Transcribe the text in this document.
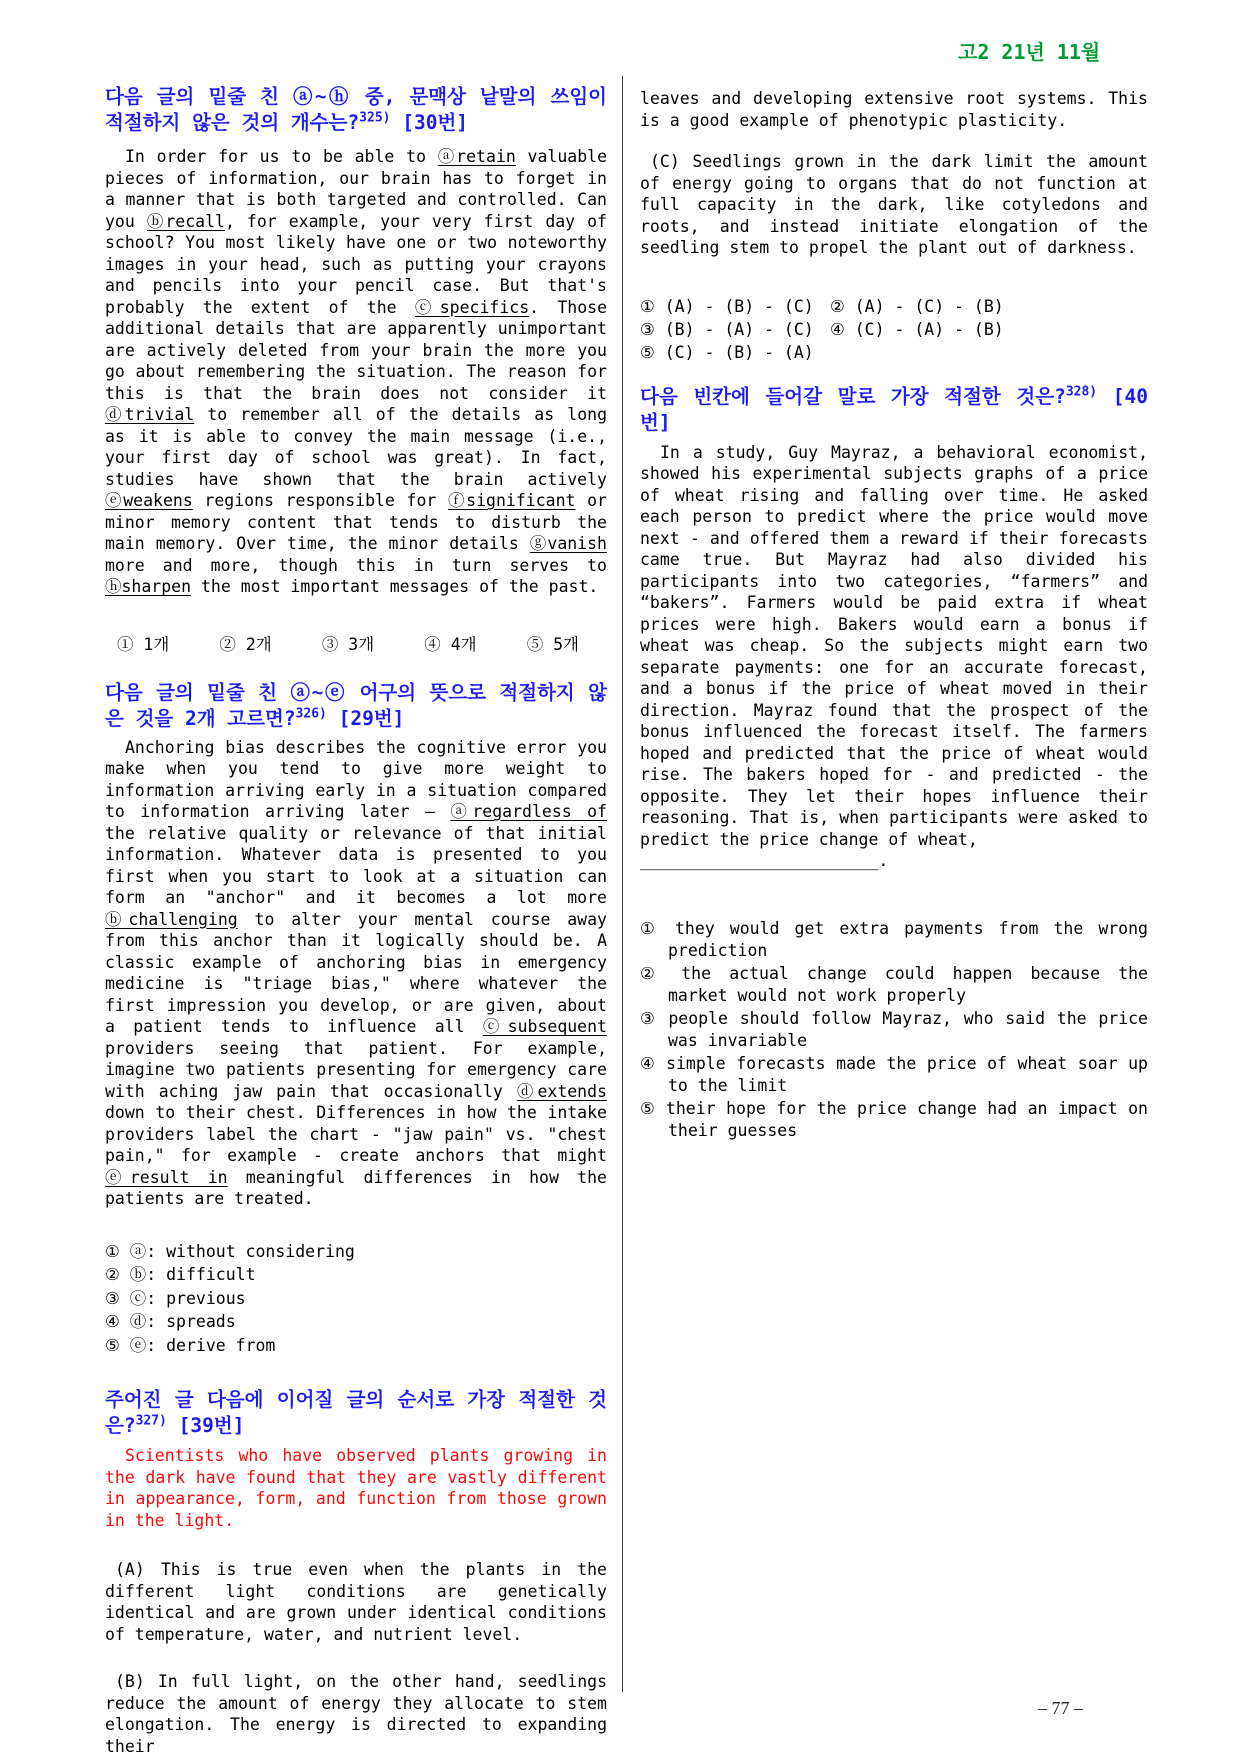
고2 21년 11월
다음 글의 밑줄 친 ⓐ~ⓗ 중, 문맥상 낱말의 쓰임이 적절하지 않은 것의 개수는?$^{325)}$ [30번]

In order for us to be able to ⓐretain valuable pieces of information, our brain has to forget in a manner that is both targeted and controlled. Can you ⓑrecall, for example, your very first day of school? You most likely have one or two noteworthy images in your head, such as putting your crayons and pencils into your pencil case. But that's probably the extent of the ⓒspecifics. Those additional details that are apparently unimportant are actively deleted from your brain the more you go about remembering the situation. The reason for this is that the brain does not consider it ⓓtrivial to remember all of the details as long as it is able to convey the main message (i.e., your first day of school was great). In fact, studies have shown that the brain actively ⓔweakens regions responsible for ⓕsignificant or minor memory content that tends to disturb the main memory. Over time, the minor details ⓖvanish more and more, though this in turn serves to ⓗsharpen the most important messages of the past.

① 1개	② 2개	③ 3개	④ 4개	⑤ 5개
다음 글의 밑줄 친 ⓐ~ⓔ 어구의 뜻으로 적절하지 않은 것을 2개 고르면?$^{326)}$ [29번]

Anchoring bias describes the cognitive error you make when you tend to give more weight to information arriving early in a situation compared to information arriving later — ⓐregardless of the relative quality or relevance of that initial information. Whatever data is presented to you first when you start to look at a situation can form an "anchor" and it becomes a lot more ⓑchallenging to alter your mental course away from this anchor than it logically should be. A classic example of anchoring bias in emergency medicine is "triage bias," where whatever the first impression you develop, or are given, about a patient tends to influence all ⓒsubsequent providers seeing that patient. For example, imagine two patients presenting for emergency care with aching jaw pain that occasionally ⓓextends down to their chest. Differences in how the intake providers label the chart - "jaw pain" vs. "chest pain," for example - create anchors that might ⓔresult in meaningful differences in how the patients are treated.

① ⓐ: without considering
② ⓑ: difficult
③ ⓒ: previous
④ ⓓ: spreads
⑤ ⓔ: derive from
주어진 글 다음에 이어질 글의 순서로 가장 적절한 것은?$^{327)}$ [39번]

Scientists who have observed plants growing in the dark have found that they are vastly different in appearance, form, and function from those grown in the light.

(A) This is true even when the plants in the different light conditions are genetically identical and are grown under identical conditions of temperature, water, and nutrient level.

(B) In full light, on the other hand, seedlings reduce the amount of energy they allocate to stem elongation. The energy is directed to expanding their

leaves and developing extensive root systems. This is a good example of phenotypic plasticity.

(C) Seedlings grown in the dark limit the amount of energy going to organs that do not function at full capacity in the dark, like cotyledons and roots, and instead initiate elongation of the seedling stem to propel the plant out of darkness.

① (A) - (B) - (C) ② (A) - (C) - (B)
③ (B) - (A) - (C) ④ (C) - (A) - (B)
⑤ (C) - (B) - (A)
다음 빈칸에 들어갈 말로 가장 적절한 것은?$^{328)}$ [40번]

In a study, Guy Mayraz, a behavioral economist, showed his experimental subjects graphs of a price of wheat rising and falling over time. He asked each person to predict where the price would move next - and offered them a reward if their forecasts came true. But Mayraz had also divided his participants into two categories, “farmers” and “bakers”. Farmers would be paid extra if wheat prices were high. Bakers would earn a bonus if wheat was cheap. So the subjects might earn two separate payments: one for an accurate forecast, and a bonus if the price of wheat moved in their direction. Mayraz found that the prospect of the bonus influenced the forecast itself. The farmers hoped and predicted that the price of wheat would rise. The bakers hoped for - and predicted - the opposite. They let their hopes influence their reasoning. That is, when participants were asked to predict the price change of wheat,

________________________.

① they would get extra payments from the wrong prediction
② the actual change could happen because the market would not work properly
③ people should follow Mayraz, who said the price was invariable
④ simple forecasts made the price of wheat soar up to the limit
⑤ their hope for the price change had an impact on their guesses
– 77 –
